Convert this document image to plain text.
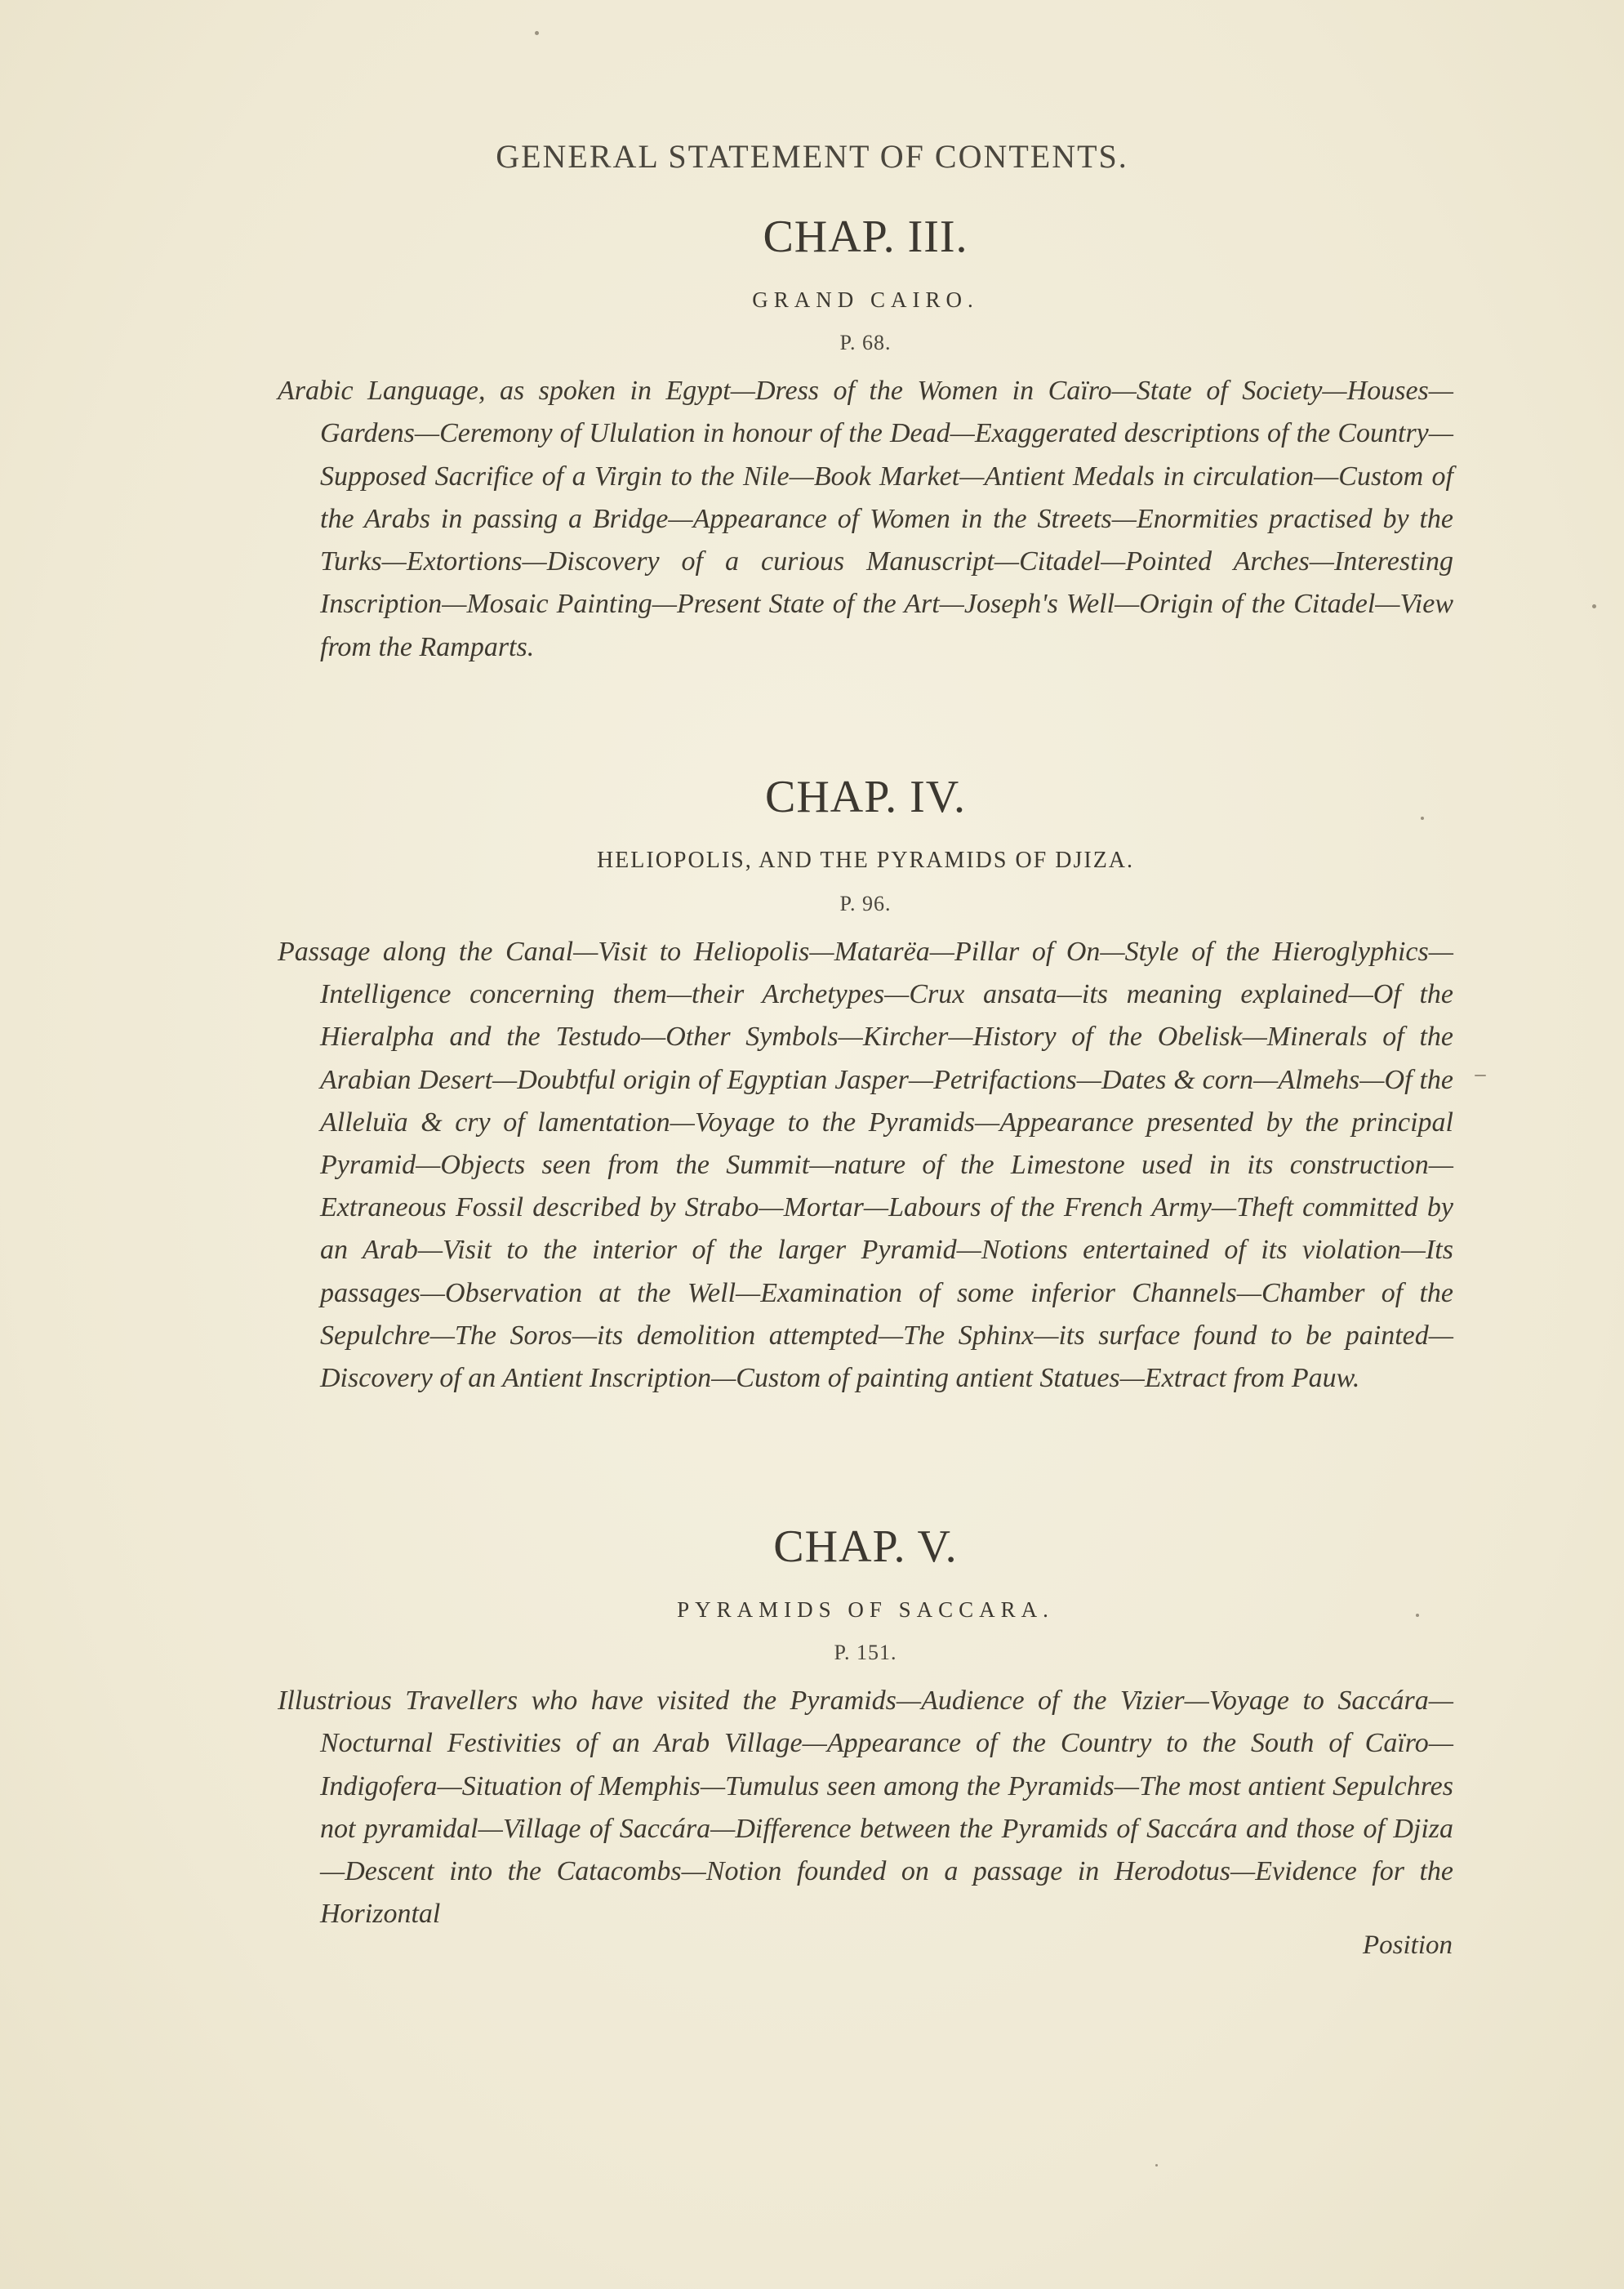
GENERAL STATEMENT OF CONTENTS.
CHAP. III.
GRAND CAIRO.
P. 68.

Arabic Language, as spoken in Egypt—Dress of the Women in Caïro—State of Society—Houses—Gardens—Ceremony of Ululation in honour of the Dead—Exaggerated descriptions of the Country—Supposed Sacrifice of a Virgin to the Nile—Book Market—Antient Medals in circulation—Custom of the Arabs in passing a Bridge—Appearance of Women in the Streets—Enormities practised by the Turks—Extortions—Discovery of a curious Manuscript—Citadel—Pointed Arches—Interesting Inscription—Mosaic Painting—Present State of the Art—Joseph's Well—Origin of the Citadel—View from the Ramparts.

CHAP. IV.
HELIOPOLIS, AND THE PYRAMIDS OF DJIZA.
P. 96.

Passage along the Canal—Visit to Heliopolis—Matarëa—Pillar of On—Style of the Hieroglyphics—Intelligence concerning them—their Archetypes—Crux ansata—its meaning explained—Of the Hieralpha and the Testudo—Other Symbols—Kircher—History of the Obelisk—Minerals of the Arabian Desert—Doubtful origin of Egyptian Jasper—Petrifactions—Dates & corn—Almehs—Of the Alleluïa & cry of lamentation—Voyage to the Pyramids—Appearance presented by the principal Pyramid—Objects seen from the Summit—nature of the Limestone used in its construction—Extraneous Fossil described by Strabo—Mortar—Labours of the French Army—Theft committed by an Arab—Visit to the interior of the larger Pyramid—Notions entertained of its violation—Its passages—Observation at the Well—Examination of some inferior Channels—Chamber of the Sepulchre—The Soros—its demolition attempted—The Sphinx—its surface found to be painted—Discovery of an Antient Inscription—Custom of painting antient Statues—Extract from Pauw.

CHAP. V.
PYRAMIDS OF SACCARA.
P. 151.

Illustrious Travellers who have visited the Pyramids—Audience of the Vizier—Voyage to Saccára—Nocturnal Festivities of an Arab Village—Appearance of the Country to the South of Caïro—Indigofera—Situation of Memphis—Tumulus seen among the Pyramids—The most antient Sepulchres not pyramidal—Village of Saccára—Difference between the Pyramids of Saccára and those of Djiza—Descent into the Catacombs—Notion founded on a passage in Herodotus—Evidence for the Horizontal

Position
